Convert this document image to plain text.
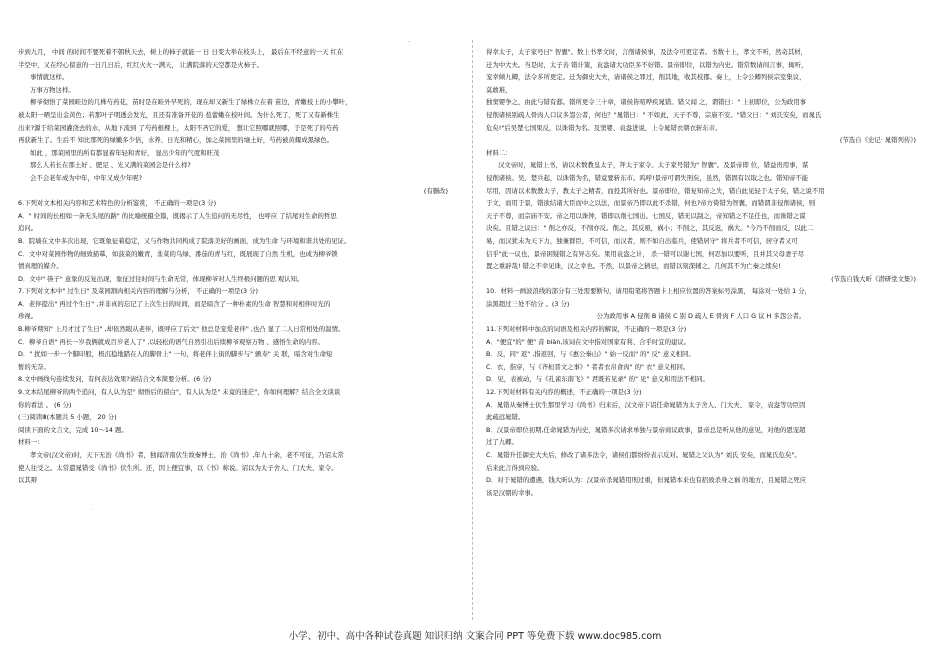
-
步到九月， 中间 的时间不要死着不朝秋天去，树上的柿子就能一 日 日变大举在枝头上， 最后在不经意的一天 红在
半空中，又在经心留意的一日几日后，红红火火一满天， 让满院落的天空都是火柿子。
事情就这样。
万事万物这样。
柳爷彻悟了菜园畦边的几株芍药花，苗时是在畦外早死的，现在却又新生了绿株立在着 苗边，青嫩枝上的小攀叶，
被太阳一晒呈出金黄色；若那叶子明透会发光，且还有准备开花的 苞蕾嫩在枝叶间。为什么死了，死了又有新株生
出来?源于给菜园灌浇去的水，从地下流到 了芍药根棵上，太阳不吝它的爱， 想让它照哪就照哪，于是死了的芍药
再获新生了。生后不 知比那死的绿嫩多少倍，水养、日光和精心，加之菜园里的壤土好，芍药被黄耀成黑绿色。
如此 ，那菜园里的所有都显着年轻和青好， 显出少年的气度和旺茂
那么人若长在那土好 、肥足 、光又满的菜园会是什么样?
会不会老年成为中年，中年又成少年呢?
(有删改)
6.下列对文本相关内容和艺术特色的分析鉴赏， 不正确的一项是(3 分)
A．" 时间的长相如一条无头尾的路" 的比喻统摄全篇，既揭示了人生追问的无尽性， 也呼应 了结尾对生命的哲思
追问。
B．院墙在文中多次出现，它既象征着稳定，又与作物共同构成了院落美好的画面，成为生命 与环境和谐共处的见证。
C．文中对菜园作物的细致描摹，如菠菜的嫩青，韭菜的乌绿、番茄的青与红，既展现了自然 生机，也成为柳爷锁
情真理的媒介。
D．文中" 筷子" 意象的反复出现，象征过往时间与生命无常，体现柳爷对人生终极问题的思 观认知。
7.下列对文本中" 过生日" 及菜园割肉相关内容的理解与分析， 不正确的一项是(3 分)
A．老伴提出" 再过个生日" ,并非真的忘记了上次生日的时间，而是暗含了一种朴素的生命 智慧和对相伴时光的
珍视。
B.柳爷期知" 上月才过了生日" ,却依然眼从老伴，既呼应了后文" 他总是宠爱老伴" ,也凸 显了二人日常相处的温情。
C．柳爷自语" 再长一岁我俩就成百岁老人了" ,以轻松的语气自然引出后续柳爷观察万物 、感悟生命的内容。
D．" 扰如一步一个脚印般，极沉稳地踏在人的脚骨上" 一句，将老伴上街的脚步与" 颤寿" 关 联，暗含对生命短
暂的无奈。
8.文中画线句连续发问，有何表达效果?请结合文本简要分析。(6 分)
9.文本结尾柳爷的两个追问，有人认为是" 彻悟后的留白"，有人认为是" 未竟的迷茫"，你如何理解？结合全文谈谈
你的看法 。 (6 分)
(三)阅读Ⅲ(本题共 5 小题， 20 分)
阅读下面的文言文，完成 10～14 题。
材料一：
孝文帝(汉文帝)时，天下无治《尚书》者，独闻济南伏生故秦博士，治《尚书》,年九十余，老不可征，乃诏太常
使人往受之。太常遣晁错受《尚书》伏生所。还，因上便宜事，以《书》称说。诏以为太子舍人、门大夫、家令。
以其辩
得幸太子，太子家号曰" 智囊"。数上书孝文时，言削诸侯事，及法令可更定者。书数十上，孝文不听，然奇其材，
迁为中大夫。当是时，太子善 错计策，袁盎诸大功臣多不好错。景帝即位，以错为内史。错常数请间言事，辄听，
宠幸倾九卿，法令多所更定。迁为御史大夫，请诸侯之罪过，削其地，收其枝郡。奏上，上令公卿列侯宗室集议，
莫敢难，
独窦婴争之，由此与错有郄。错所更令三十章，诸侯皆喧哗疾晁错。错父闻 之，谓错曰：" 上初即位，公为政用事
侵削诸侯别疏人骨肉人口议多怨公者，何也？"晁错曰：" 不如此，天子不尊，宗庙不安。"错父曰：" 刘氏安矣，而晁氏
危矣!"后吴楚七国果反，以诛错为名。及窦婴、袁盎进说，上令晁错衣朝衣斩东市。
(节选自《史记· 晁错列传》)
材料二：
汉文帝时，晁错上书，请以术数教皇太子，拜太子家令。太子家号错为" 智囊"。及景帝即 位，错益贵用事，谋
侵削诸侯。吴、楚兵起，以诛错为名，错竟要斩东市。呜呼!景帝可谓失刑矣，虽然，错固有以取之也。错知帝不能
尽用，因请以术数教太子，教太子之精者，而投其所好也。景帝即位，错复知帝之失，错自此见轻于太子矣，错之说不用
于文，而用于景，错欲结诸大臣而中之以法，而景帝乃即以此不杀错，何也?帝方倚错为智囊，而错谓非侵削诸侯，则
天子不尊，而宗庙不安。帝之用以诛钟，错即以削七国出。七国反，错无以制之，帝知错之不足任也，而诛错之谋
决矣。且错之议曰：" 削之亦反，不削亦反。削之，其反亟，祸小；不削之，其反迟，祸大。"今乃不削而反，以此二
易，而汉犹未为天下力，独兼群臣，不可信，而汉者，则不如自出临兵，使错居守" 将兵者不可信，居守者又可
信乎"此一议也，景帝困疑错之有异志矣。果用袁盎之计， 杀一错可以谢七国，何忍加以要听，且并其父母妻子尽
置之重辟哉! 错之不幸见诛，汉之幸也。不然，以景帝之猜忌，而错以刻深辅之，几何其不为亡秦之续矣!
(节选自钱大昕《潜研堂文集》)
10．材料一画波浪线的部分有三处需要断句，请用铅笔将答题卡上相应位置的答案标号涂黑， 每涂对一处给 1 分，
涂黑超过三处不给分 。(3 分)
公为政用事 A 侵削 B 诸侯 C 别 D 疏人 E 骨肉 F 人口 G 议 H 多怨公者。
11.下列对材料中加点的词语及相关内容的解说，不正确的一项是(3 分)
A．"便宜"的" 便" 音 biàn,该词在文中指对国家有利、合乎时宜的建议。
B．反，同" 返" ,指返回，与《惠公秦山》" 始一反而" 的" 反" 意义相同。
C．衣，指穿，与《齐桓晋文之事》" 者者衣帛食肉" 的" 衣" 意义相同。
D．见，表被动，与《孔雀东南飞》" 君既若见录" 的" 见" 意义和用法不相同。
12.下列对材料有关内容的概述，不正确的一项是(3 分)
A．晁错从秦博士伏生那里学习《尚书》归来后，汉文帝下诏任命晁错为太子舍人、门大夫、 家令，袁盎等功臣因
此疏远晁错。
B．汉景帝即位初期,任命晁错为内史，晁错多次请求单独与景帝商议政事，景帝总是听从他的意见，对他的恩宠超
过了九卿。
C．晁错升任御史大夫后，修改了诸多法令，诸侯们都纷纷表示反对。晁错之父认为" 刘氏 安矣，而晁氏危矣"。
后来此言得到应验。
D．对于晁错的遭遇，钱大昕认为：汉景帝杀晁错用刑过重，但晁错本来也有招致杀身之祸 的地方，且晁错之死应
该是汉朝的幸事。
.
小学、初中、高中各种试卷真题 知识归纳 文案合同 PPT 等免费下载 www.doc985.com
